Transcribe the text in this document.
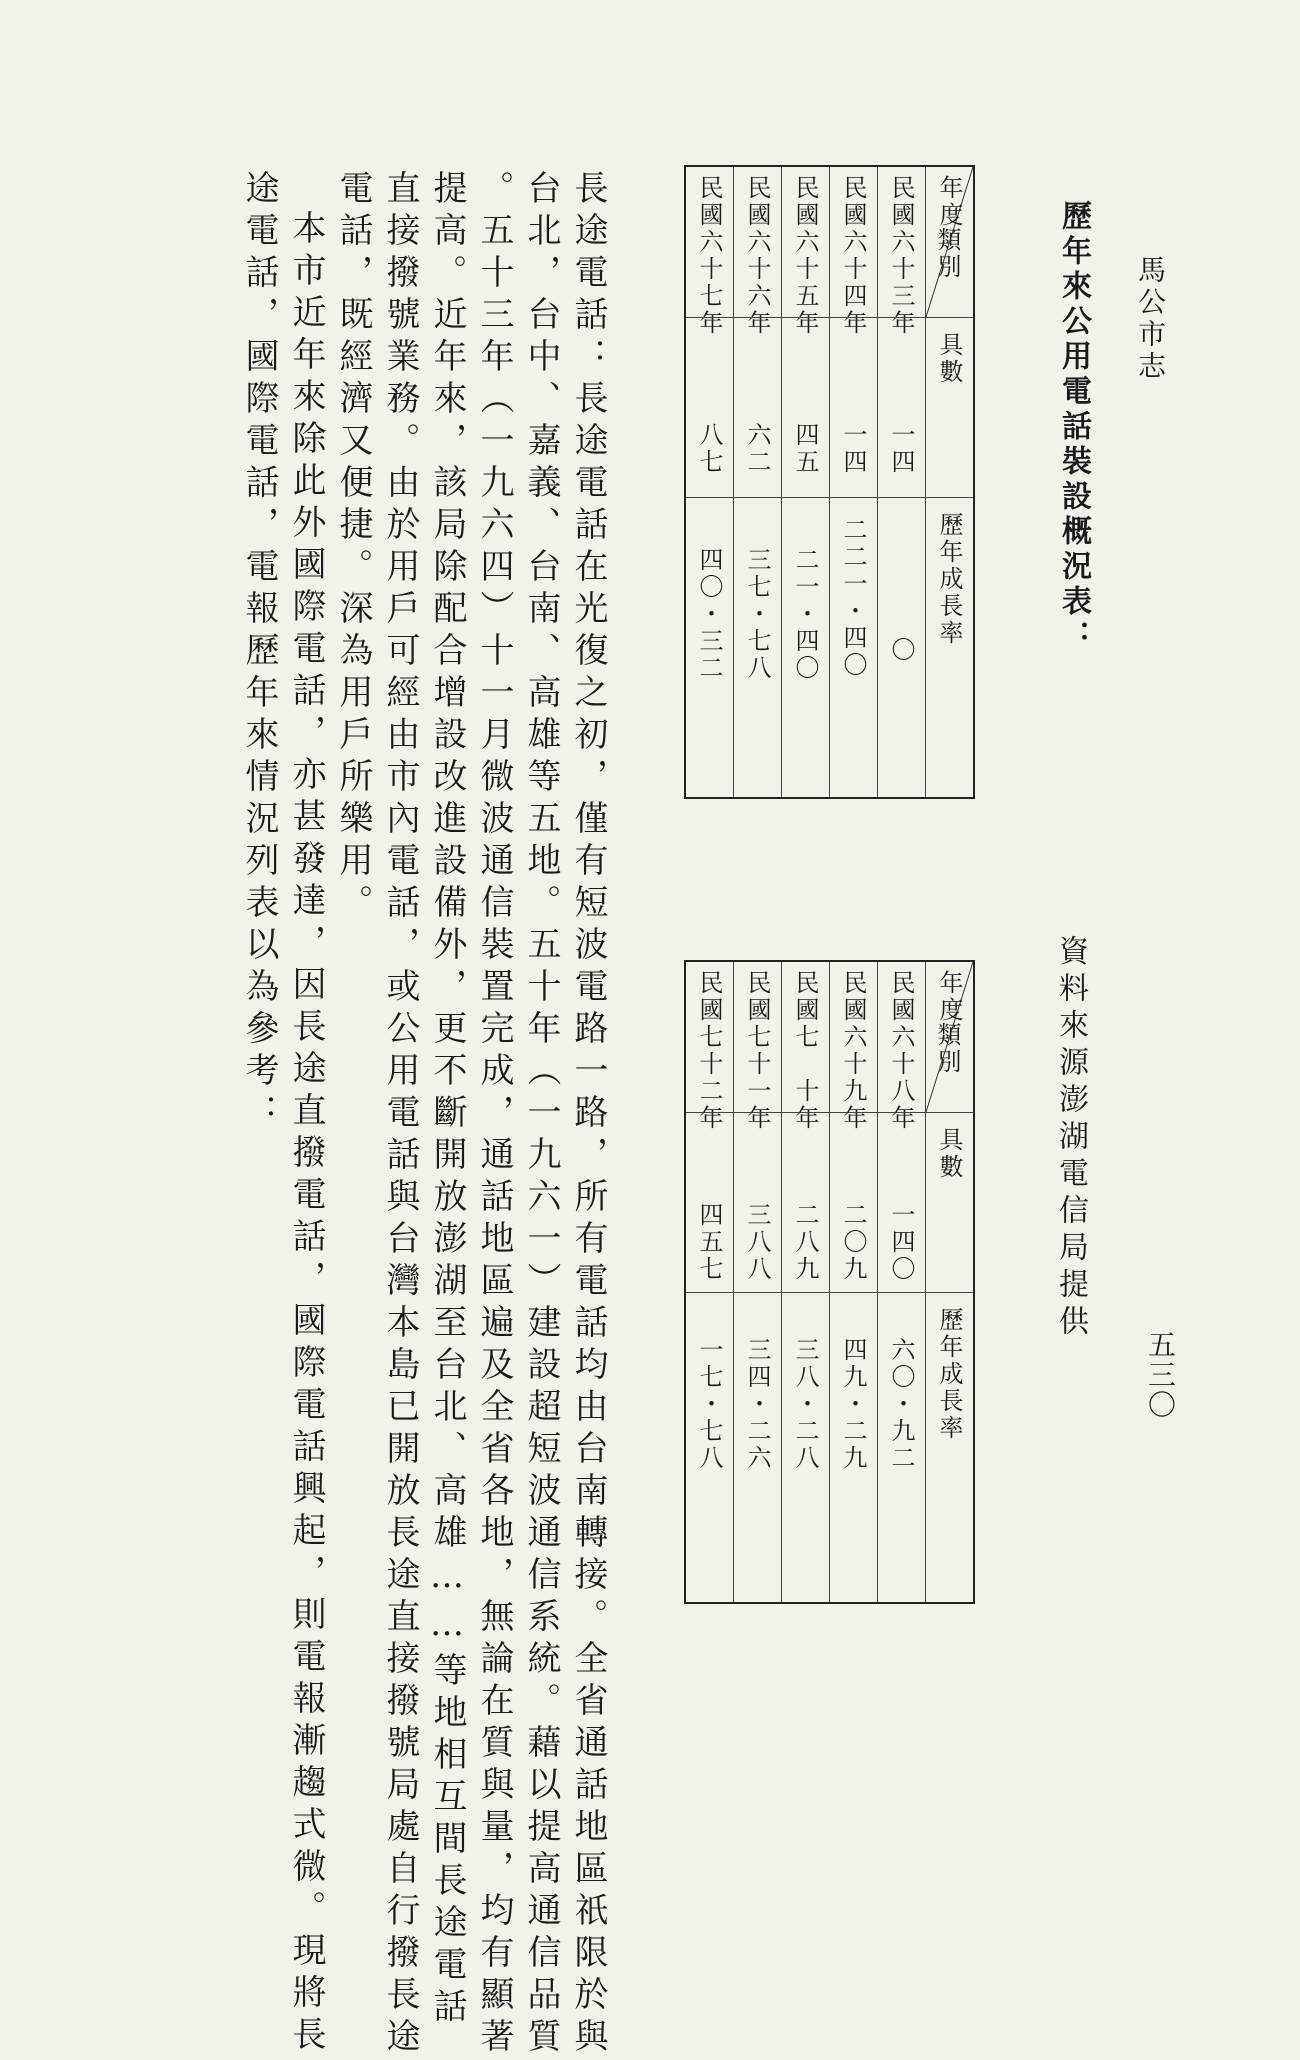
馬公市志
五三〇
歷年來公用電話裝設概況表：
資料來源澎湖電信局提供
年度
類別
具數
歷年成長率
民國六十三年
一四
〇
民國六十四年
一四
二二一・四〇
民國六十五年
四五
二一・四〇
民國六十六年
六二
三七・七八
民國六十七年
八七
四〇・三二
年度
類別
具數
歷年成長率
民國六十八年
一四〇
六〇・九二
民國六十九年
二〇九
四九・二九
民國七　十年
二八九
三八・二八
民國七十一年
三八八
三四・二六
民國七十二年
四五七
一七・七八
長途電話：長途電話在光復之初，僅有短波電路一路，所有電話均由台南轉接。全省通話地區祇限於與
台北，台中、嘉義、台南、高雄等五地。五十年（一九六一）建設超短波通信系統。藉以提高通信品質
。五十三年（一九六四）十一月微波通信裝置完成，通話地區遍及全省各地，無論在質與量，均有顯著
提高。近年來，該局除配合增設改進設備外，更不斷開放澎湖至台北、高雄……等地相互間長途電話
直接撥號業務。由於用戶可經由市內電話，或公用電話與台灣本島已開放長途直接撥號局處自行撥長途
電話，既經濟又便捷。深為用戶所樂用。
本市近年來除此外國際電話，亦甚發達，因長途直撥電話，國際電話興起，則電報漸趨式微。現將長
途電話，國際電話，電報歷年來情況列表以為參考：
